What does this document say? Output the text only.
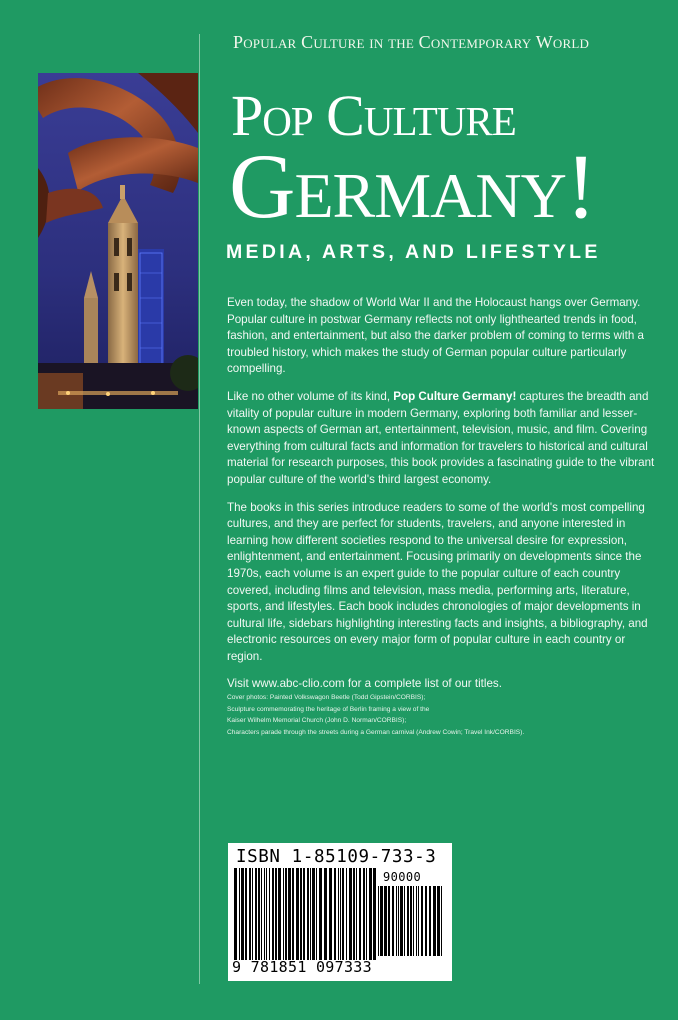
Popular Culture in the Contemporary World
Pop Culture
Germany!
MEDIA, ARTS, AND LIFESTYLE

Even today, the shadow of World War II and the Holocaust hangs over Germany. Popular culture in postwar Germany reflects not only lighthearted trends in food, fashion, and entertainment, but also the darker problem of coming to terms with a troubled history, which makes the study of German popular culture particularly compelling.

Like no other volume of its kind, Pop Culture Germany! captures the breadth and vitality of popular culture in modern Germany, exploring both familiar and lesser-known aspects of German art, entertainment, television, music, and film. Covering everything from cultural facts and information for travelers to historical and cultural material for research purposes, this book provides a fascinating guide to the vibrant popular culture of the world's third largest economy.

The books in this series introduce readers to some of the world's most compelling cultures, and they are perfect for students, travelers, and anyone interested in learning how different societies respond to the universal desire for expression, enlightenment, and entertainment. Focusing primarily on developments since the 1970s, each volume is an expert guide to the popular culture of each country covered, including films and television, mass media, performing arts, literature, sports, and lifestyles. Each book includes chronologies of major developments in cultural life, sidebars highlighting interesting facts and insights, a bibliography, and electronic resources on every major form of popular culture in each country or region.

Visit www.abc-clio.com for a complete list of our titles.

Cover photos: Painted Volkswagon Beetle (Todd Gipstein/CORBIS);
Sculpture commemorating the heritage of Berlin framing a view of the
Kaiser Wilhelm Memorial Church (John D. Norman/CORBIS);
Characters parade through the streets during a German carnival (Andrew Cowin; Travel Ink/CORBIS).
ISBN 1-85109-733-3
90000
9 781851 097333
